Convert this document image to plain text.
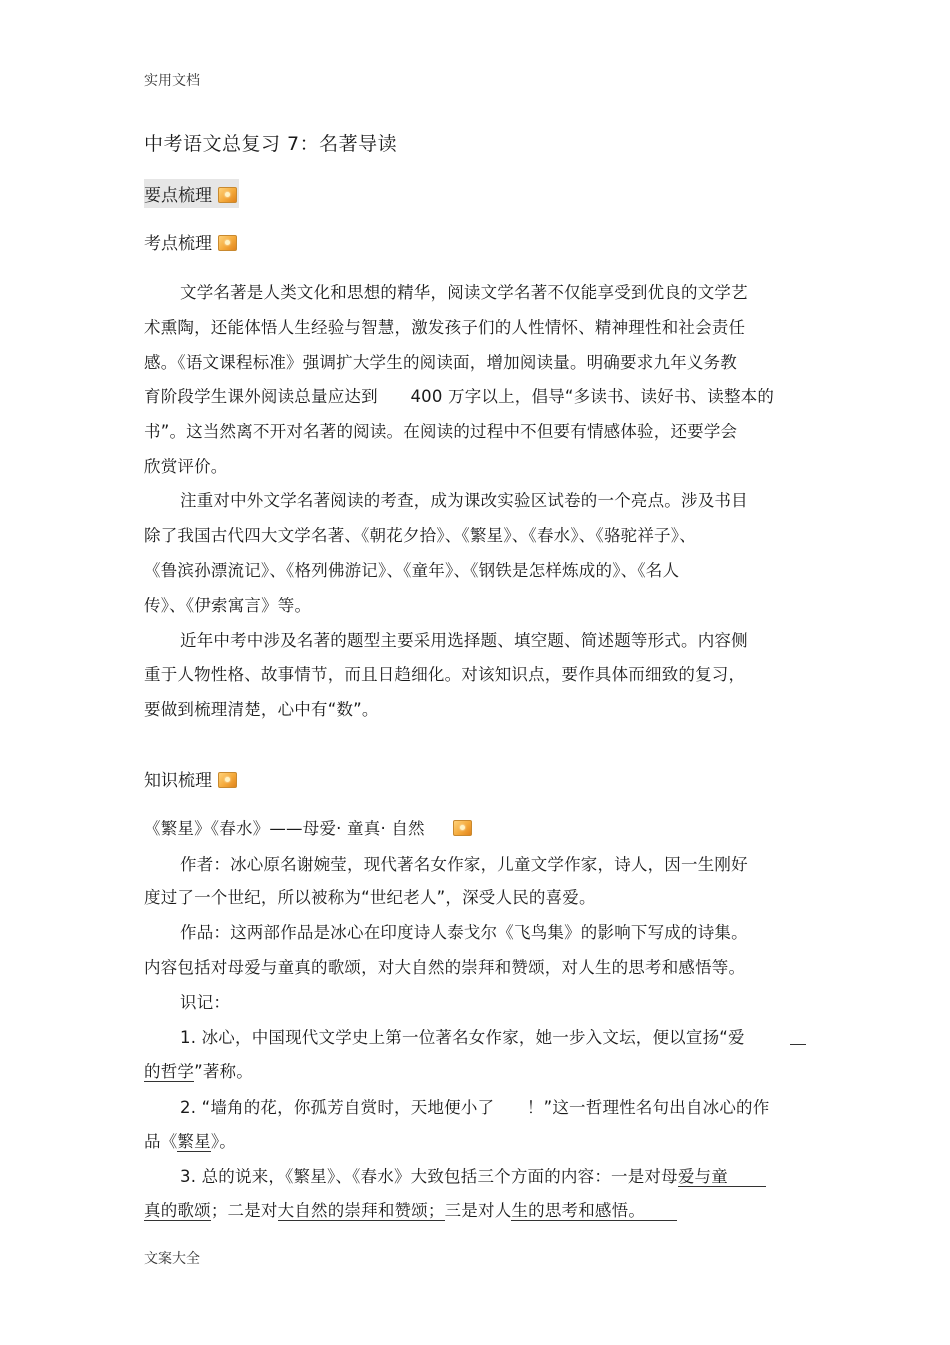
实用文档
中考语文总复习 7：名著导读
要点梳理
考点梳理
文学名著是人类文化和思想的精华，阅读文学名著不仅能享受到优良的文学艺
术熏陶，还能体悟人生经验与智慧，激发孩子们的人性情怀、精神理性和社会责任
感。《语文课程标准》强调扩大学生的阅读面，增加阅读量。明确要求九年义务教
育阶段学生课外阅读总量应达到      400 万字以上，倡导“多读书、读好书、读整本的
书”。这当然离不开对名著的阅读。在阅读的过程中不但要有情感体验，还要学会
欣赏评价。
注重对中外文学名著阅读的考查，成为课改实验区试卷的一个亮点。涉及书目
除了我国古代四大文学名著、《朝花夕拾》、《繁星》、《春水》、《骆驼祥子》、
《鲁滨孙漂流记》、《格列佛游记》、《童年》、《钢铁是怎样炼成的》、《名人
传》、《伊索寓言》等。
近年中考中涉及名著的题型主要采用选择题、填空题、简述题等形式。内容侧
重于人物性格、故事情节，而且日趋细化。对该知识点，要作具体而细致的复习，
要做到梳理清楚，心中有“数”。
知识梳理
《繁星》《春水》——母爱· 童真· 自然
作者：冰心原名谢婉莹，现代著名女作家，儿童文学作家，诗人，因一生刚好
度过了一个世纪，所以被称为“世纪老人”，深受人民的喜爱。
作品：这两部作品是冰心在印度诗人泰戈尔《飞鸟集》的影响下写成的诗集。
内容包括对母爱与童真的歌颂，对大自然的崇拜和赞颂，对人生的思考和感悟等。
识记：
1. 冰心，中国现代文学史上第一位著名女作家，她一步入文坛，便以宣扬“爱
的哲学”著称。
2. “墙角的花，你孤芳自赏时，天地便小了      ！”这一哲理性名句出自冰心的作
品《繁星》。
3. 总的说来，《繁星》、《春水》大致包括三个方面的内容：一是对母爱与童
真的歌颂；二是对大自然的崇拜和赞颂；三是对人生的思考和感悟。
文案大全
